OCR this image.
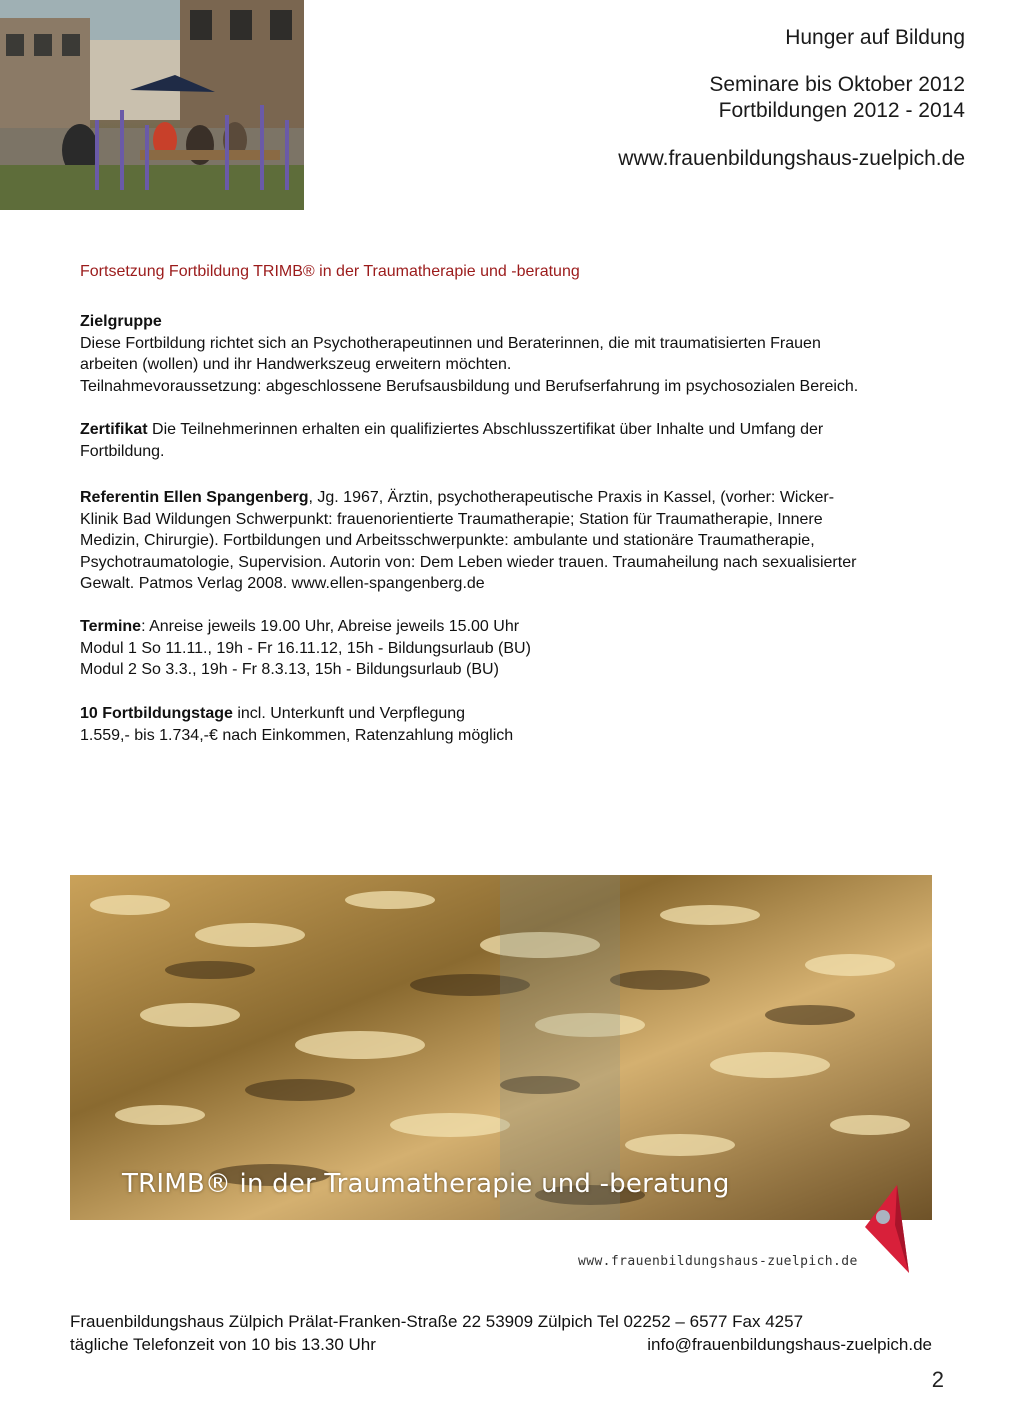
Hunger auf Bildung
Seminare bis Oktober 2012
Fortbildungen 2012 - 2014
www.frauenbildungshaus-zuelpich.de
Fortsetzung Fortbildung TRIMB® in der Traumatherapie und -beratung
Zielgruppe
Diese Fortbildung richtet sich an Psychotherapeutinnen und Beraterinnen, die mit traumatisierten Frauen
arbeiten (wollen) und ihr Handwerkszeug erweitern möchten.
Teilnahmevoraussetzung: abgeschlossene Berufsausbildung und Berufserfahrung im psychosozialen Bereich.
Zertifikat Die Teilnehmerinnen erhalten ein qualifiziertes Abschlusszertifikat über Inhalte und Umfang der
Fortbildung.
Referentin Ellen Spangenberg, Jg. 1967, Ärztin, psychotherapeutische Praxis in Kassel, (vorher: Wicker-
Klinik Bad Wildungen Schwerpunkt: frauenorientierte Traumatherapie; Station für Traumatherapie, Innere
Medizin, Chirurgie). Fortbildungen und Arbeitsschwerpunkte: ambulante und stationäre Traumatherapie,
Psychotraumatologie, Supervision. Autorin von: Dem Leben wieder trauen. Traumaheilung nach sexualisierter
Gewalt. Patmos Verlag 2008. www.ellen-spangenberg.de
Termine: Anreise jeweils 19.00 Uhr, Abreise jeweils 15.00 Uhr
Modul 1 So 11.11., 19h - Fr 16.11.12, 15h - Bildungsurlaub (BU)
Modul 2 So 3.3., 19h - Fr 8.3.13, 15h - Bildungsurlaub (BU)
10 Fortbildungstage incl. Unterkunft und Verpflegung
1.559,- bis 1.734,-€ nach Einkommen, Ratenzahlung möglich
TRIMB® in der Traumatherapie und -beratung
www.frauenbildungshaus-zuelpich.de
Frauenbildungshaus Zülpich Prälat-Franken-Straße 22 53909 Zülpich Tel 02252 – 6577 Fax 4257
tägliche Telefonzeit von 10 bis 13.30 Uhr	info@frauenbildungshaus-zuelpich.de
2
